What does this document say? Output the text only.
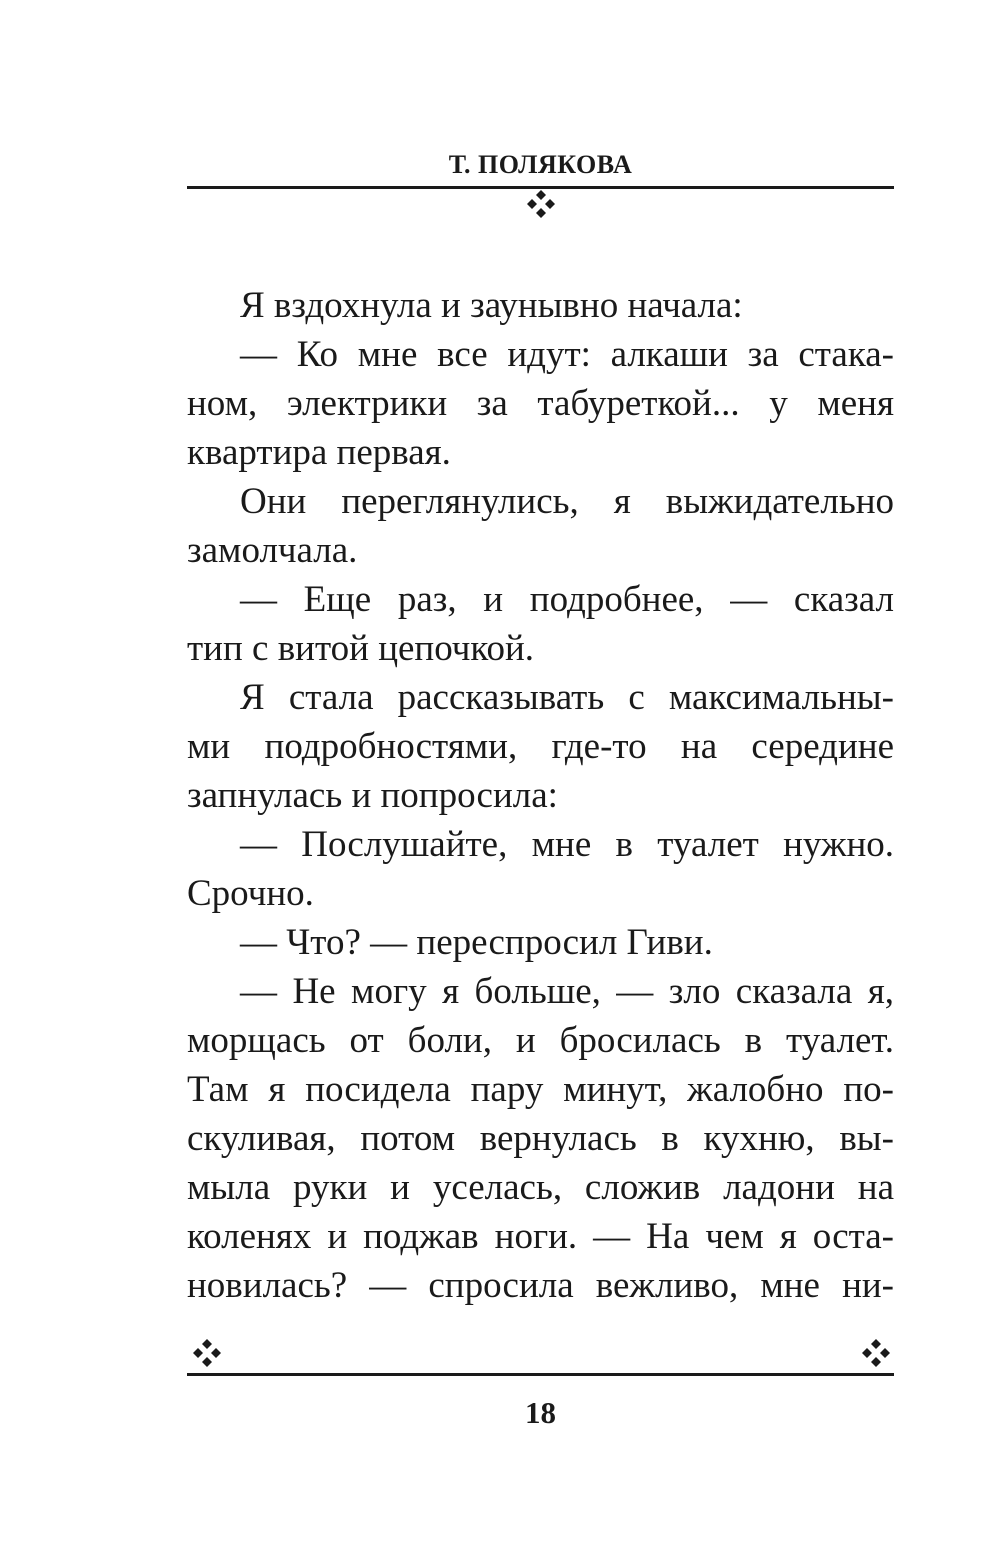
Т. ПОЛЯКОВА
Я вздохнула и заунывно начала:
— Ко мне все идут: алкаши за стака-
ном, электрики за табуреткой... у меня
квартира первая.
Они переглянулись, я выжидательно
замолчала.
— Еще раз, и подробнее, — сказал
тип с витой цепочкой.
Я стала рассказывать с максимальны-
ми подробностями, где-то на середине
запнулась и попросила:
— Послушайте, мне в туалет нужно.
Срочно.
— Что? — переспросил Гиви.
— Не могу я больше, — зло сказала я,
морщась от боли, и бросилась в туалет.
Там я посидела пару минут, жалобно по-
скуливая, потом вернулась в кухню, вы-
мыла руки и уселась, сложив ладони на
коленях и поджав ноги. — На чем я оста-
новилась? — спросила вежливо, мне ни-
18
